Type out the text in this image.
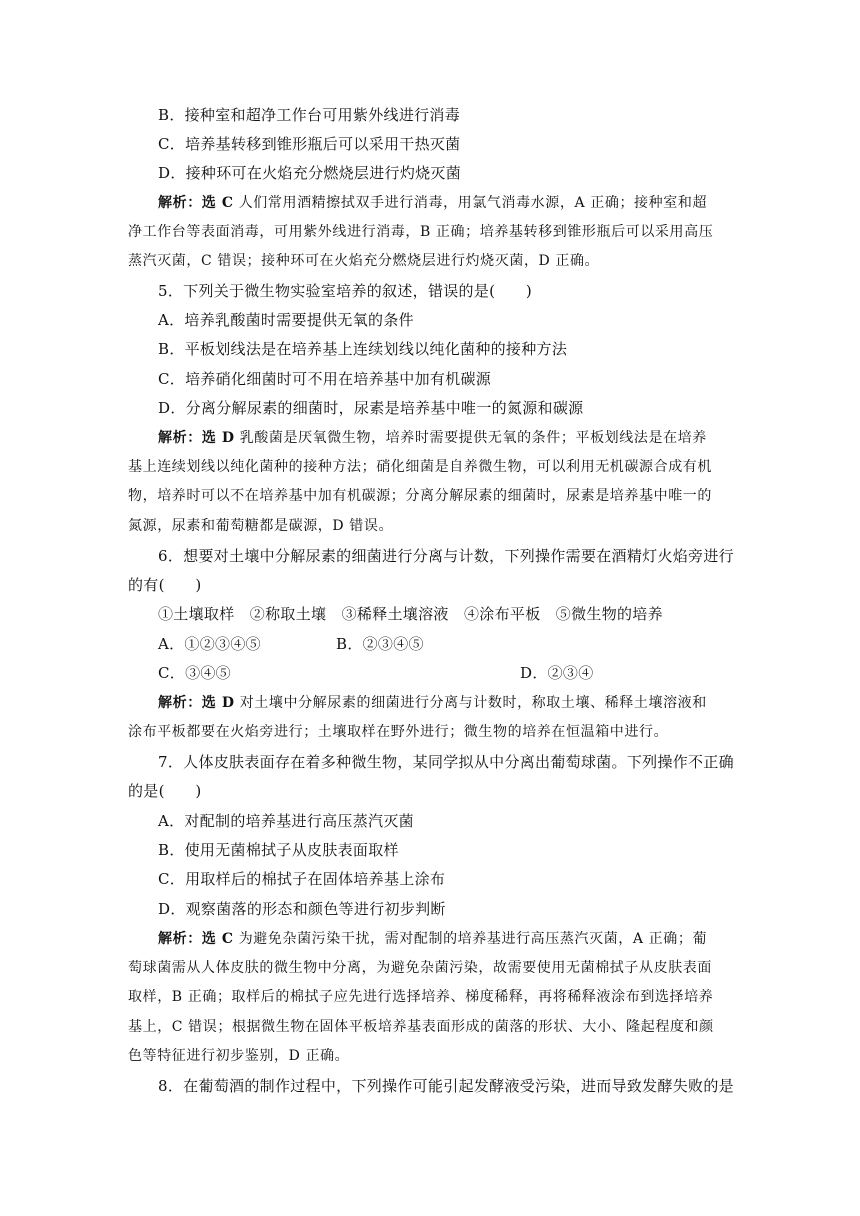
B．接种室和超净工作台可用紫外线进行消毒
C．培养基转移到锥形瓶后可以采用干热灭菌
D．接种环可在火焰充分燃烧层进行灼烧灭菌
解析：选 C 人们常用酒精擦拭双手进行消毒，用氯气消毒水源，A 正确；接种室和超
净工作台等表面消毒，可用紫外线进行消毒，B 正确；培养基转移到锥形瓶后可以采用高压
蒸汽灭菌，C 错误；接种环可在火焰充分燃烧层进行灼烧灭菌，D 正确。
5．下列关于微生物实验室培养的叙述，错误的是(　　)
A．培养乳酸菌时需要提供无氧的条件
B．平板划线法是在培养基上连续划线以纯化菌种的接种方法
C．培养硝化细菌时可不用在培养基中加有机碳源
D．分离分解尿素的细菌时，尿素是培养基中唯一的氮源和碳源
解析：选 D 乳酸菌是厌氧微生物，培养时需要提供无氧的条件；平板划线法是在培养
基上连续划线以纯化菌种的接种方法；硝化细菌是自养微生物，可以利用无机碳源合成有机
物，培养时可以不在培养基中加有机碳源；分离分解尿素的细菌时，尿素是培养基中唯一的
氮源，尿素和葡萄糖都是碳源，D 错误。
6．想要对土壤中分解尿素的细菌进行分离与计数，下列操作需要在酒精灯火焰旁进行
的有(　　)
①土壤取样　②称取土壤　③稀释土壤溶液　④涂布平板　⑤微生物的培养
A．①②③④⑤	B．②③④⑤
C．③④⑤	D．②③④
解析：选 D 对土壤中分解尿素的细菌进行分离与计数时，称取土壤、稀释土壤溶液和
涂布平板都要在火焰旁进行；土壤取样在野外进行；微生物的培养在恒温箱中进行。
7．人体皮肤表面存在着多种微生物，某同学拟从中分离出葡萄球菌。下列操作不正确
的是(　　)
A．对配制的培养基进行高压蒸汽灭菌
B．使用无菌棉拭子从皮肤表面取样
C．用取样后的棉拭子在固体培养基上涂布
D．观察菌落的形态和颜色等进行初步判断
解析：选 C 为避免杂菌污染干扰，需对配制的培养基进行高压蒸汽灭菌，A 正确；葡
萄球菌需从人体皮肤的微生物中分离，为避免杂菌污染，故需要使用无菌棉拭子从皮肤表面
取样，B 正确；取样后的棉拭子应先进行选择培养、梯度稀释，再将稀释液涂布到选择培养
基上，C 错误；根据微生物在固体平板培养基表面形成的菌落的形状、大小、隆起程度和颜
色等特征进行初步鉴别，D 正确。
8．在葡萄酒的制作过程中，下列操作可能引起发酵液受污染，进而导致发酵失败的是
